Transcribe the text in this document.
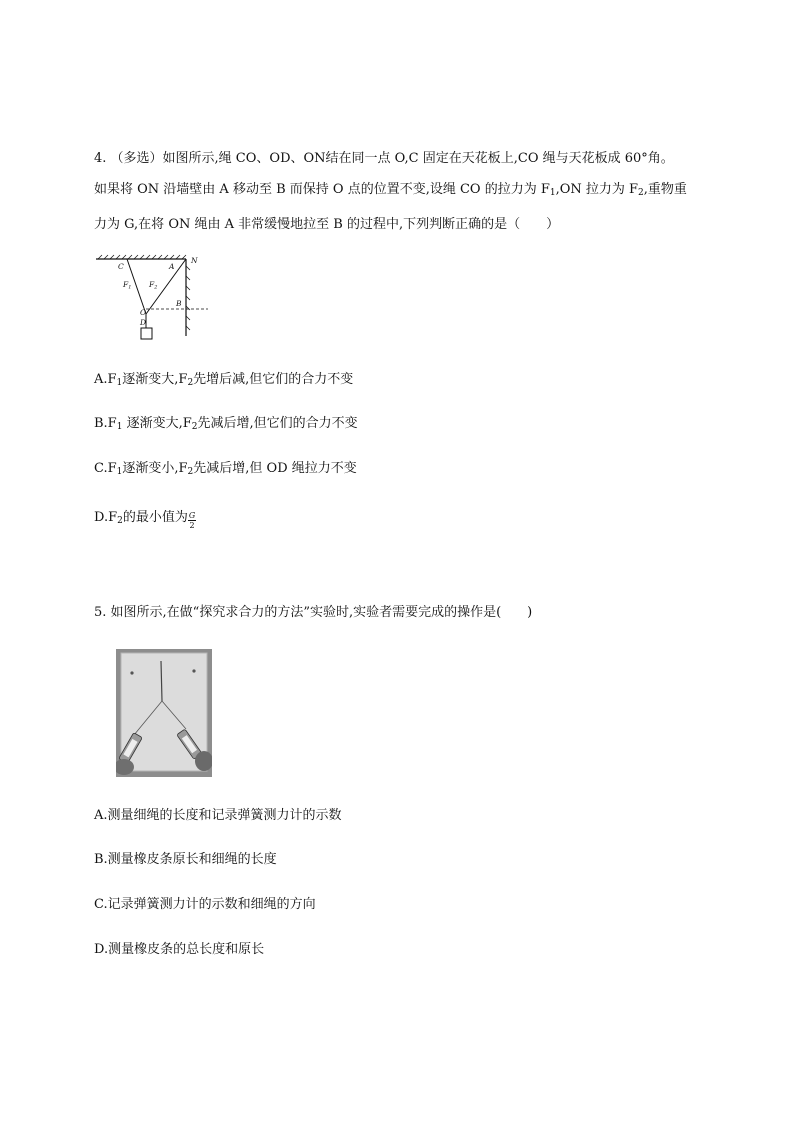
4. （多选）如图所示,绳 CO、OD、ON结在同一点 O,C 固定在天花板上,CO 绳与天花板成 60°角。

如果将 ON 沿墙壁由 A 移动至 B 而保持 O 点的位置不变,设绳 CO 的拉力为 $F_1,ON$ 拉力为 $F_2$,重物重

力为 G,在将 ON 绳由 A 非常缓慢地拉至 B 的过程中,下列判断正确的是（　　）

C	A
N
$F_1$ $F_2$
B
O
D
$A.F_1$逐渐变大$,F_2$先增后减,但它们的合力不变
$B.F_1$ 逐渐变大$,F_2$先减后增,但它们的合力不变
$C.F_1$逐渐变小$,F_2$先减后增,但 OD 绳拉力不变
$D.F_2$的最小值为 $\frac{G}{2}$
5. 如图所示,在做“探究求合力的方法”实验时,实验者需要完成的操作是(　　)
A.测量细绳的长度和记录弹簧测力计的示数
B.测量橡皮条原长和细绳的长度
C.记录弹簧测力计的示数和细绳的方向
D.测量橡皮条的总长度和原长
